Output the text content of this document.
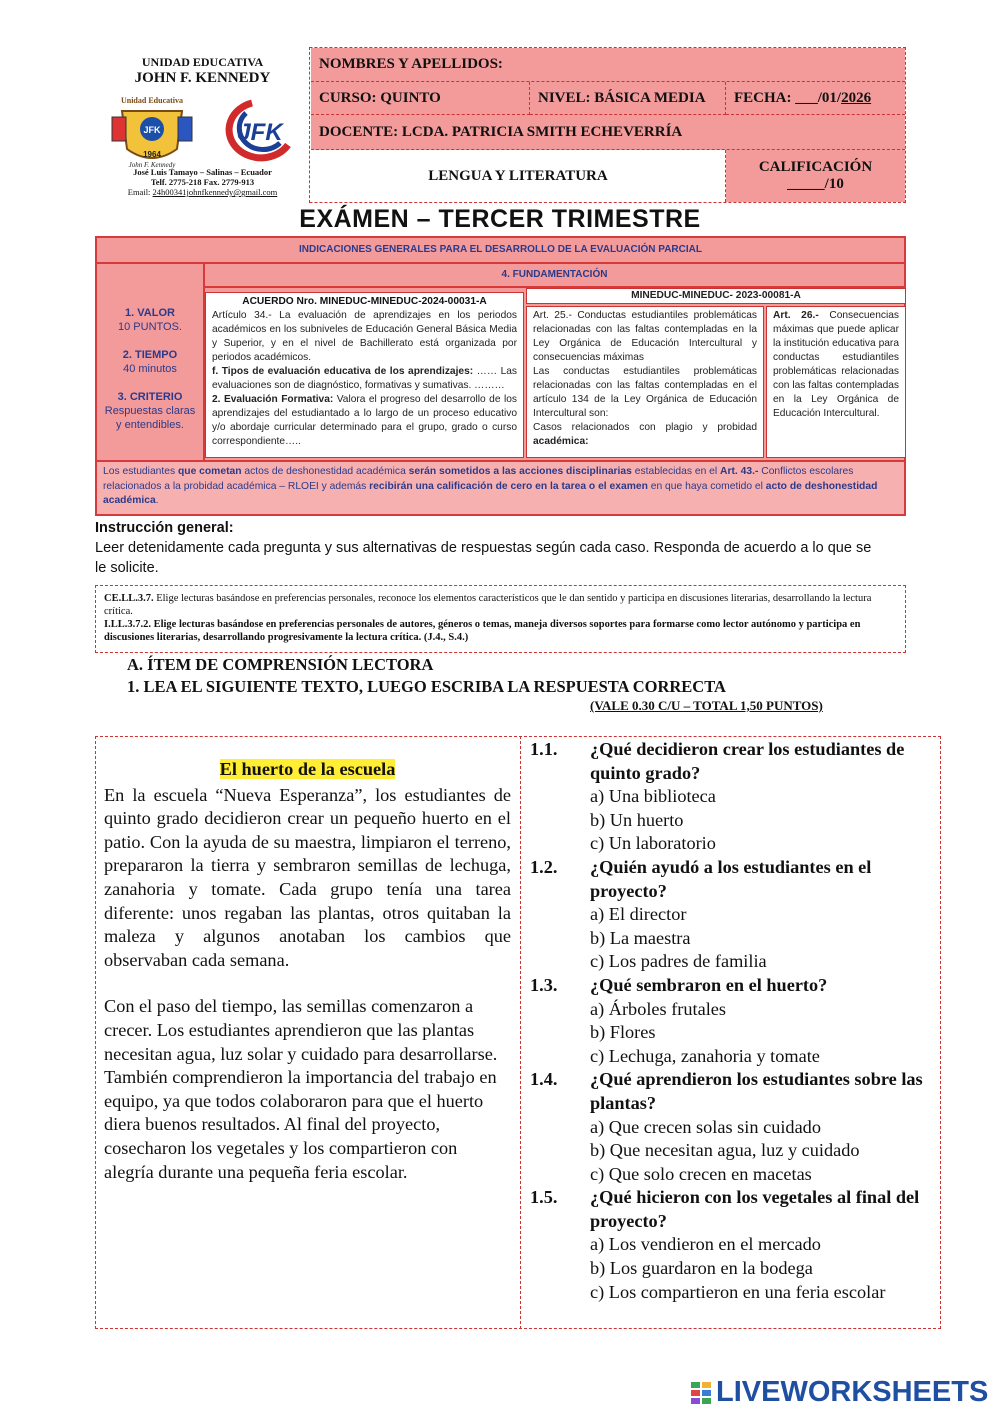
UNIDAD EDUCATIVA
JOHN F. KENNEDY
JFK
Unidad Educativa
1964
John F. Kennedy
JFK
José Luis Tamayo – Salinas – Ecuador
Telf. 2775-218 Fax. 2779-913
Email: 24h00341johnfkennedy@gmail.com
NOMBRES Y APELLIDOS:
CURSO: QUINTO	NIVEL: BÁSICA MEDIA	FECHA: ___/01/ 2026
DOCENTE: LCDA. PATRICIA SMITH ECHEVERRÍA
LENGUA Y LITERATURA
CALIFICACIÓN
_____/10
EXÁMEN – TERCER TRIMESTRE
INDICACIONES GENERALES PARA EL DESARROLLO DE LA EVALUACIÓN PARCIAL
4. FUNDAMENTACIÓN
1. VALOR
10 PUNTOS.
2. TIEMPO
40 minutos
3. CRITERIO
Respuestas claras y entendibles.
ACUERDO Nro. MINEDUC-MINEDUC-2024-00031-A
Artículo 34.- La evaluación de aprendizajes en los periodos académicos en los subniveles de Educación General Básica Media y Superior, y en el nivel de Bachillerato está organizada por periodos académicos.
f. Tipos de evaluación educativa de los aprendizajes: …… Las evaluaciones son de diagnóstico, formativas y sumativas. ………
2. Evaluación Formativa: Valora el progreso del desarrollo de los aprendizajes del estudiantado a lo largo de un proceso educativo y/o abordaje curricular determinado para el grupo, grado o curso correspondiente…..
MINEDUC-MINEDUC- 2023-00081-A
Art. 25.- Conductas estudiantiles problemáticas relacionadas con las faltas contempladas en la Ley Orgánica de Educación Intercultural y consecuencias máximas
Las conductas estudiantiles problemáticas relacionadas con las faltas contempladas en el artículo 134 de la Ley Orgánica de Educación Intercultural son:
Casos relacionados con plagio y probidad académica:
Art. 26.- Consecuencias máximas que puede aplicar la institución educativa para conductas estudiantiles problemáticas relacionadas con las faltas contempladas en la Ley Orgánica de Educación Intercultural.
Los estudiantes que cometan actos de deshonestidad académica serán sometidos a las acciones disciplinarias establecidas en el Art. 43.- Conflictos escolares relacionados a la probidad académica – RLOEI y además recibirán una calificación de cero en la tarea o el examen en que haya cometido el acto de deshonestidad académica.
Instrucción general:
Leer detenidamente cada pregunta y sus alternativas de respuestas según cada caso. Responda de acuerdo a lo que se le solicite.
CE.LL.3.7. Elige lecturas basándose en preferencias personales, reconoce los elementos característicos que le dan sentido y participa en discusiones literarias, desarrollando la lectura crítica.
I.LL.3.7.2. Elige lecturas basándose en preferencias personales de autores, géneros o temas, maneja diversos soportes para formarse como lector autónomo y participa en discusiones literarias, desarrollando progresivamente la lectura crítica. (J.4., S.4.)
A. ÍTEM DE COMPRENSIÓN LECTORA
1. LEA EL SIGUIENTE TEXTO, LUEGO ESCRIBA LA RESPUESTA CORRECTA
(VALE 0.30 C/U – TOTAL 1,50 PUNTOS)
El huerto de la escuela

En la escuela “Nueva Esperanza”, los estudiantes de quinto grado decidieron crear un pequeño huerto en el patio. Con la ayuda de su maestra, limpiaron el terreno, prepararon la tierra y sembraron semillas de lechuga, zanahoria y tomate. Cada grupo tenía una tarea diferente: unos regaban las plantas, otros quitaban la maleza y algunos anotaban los cambios que observaban cada semana.

Con el paso del tiempo, las semillas comenzaron a crecer. Los estudiantes aprendieron que las plantas necesitan agua, luz solar y cuidado para desarrollarse. También comprendieron la importancia del trabajo en equipo, ya que todos colaboraron para que el huerto diera buenos resultados. Al final del proyecto, cosecharon los vegetales y los compartieron con alegría durante una pequeña feria escolar.

1.1.	¿Qué decidieron crear los estudiantes de quinto grado?
a) Una biblioteca
b) Un huerto
c) Un laboratorio
1.2.	¿Quién ayudó a los estudiantes en el proyecto?
a) El director
b) La maestra
c) Los padres de familia
1.3.	¿Qué sembraron en el huerto?
a) Árboles frutales
b) Flores
c) Lechuga, zanahoria y tomate
1.4.	¿Qué aprendieron los estudiantes sobre las plantas?
a) Que crecen solas sin cuidado
b) Que necesitan agua, luz y cuidado
c) Que solo crecen en macetas
1.5.	¿Qué hicieron con los vegetales al final del proyecto?
a) Los vendieron en el mercado
b) Los guardaron en la bodega
c) Los compartieron en una feria escolar
LIVEWORKSHEETS
